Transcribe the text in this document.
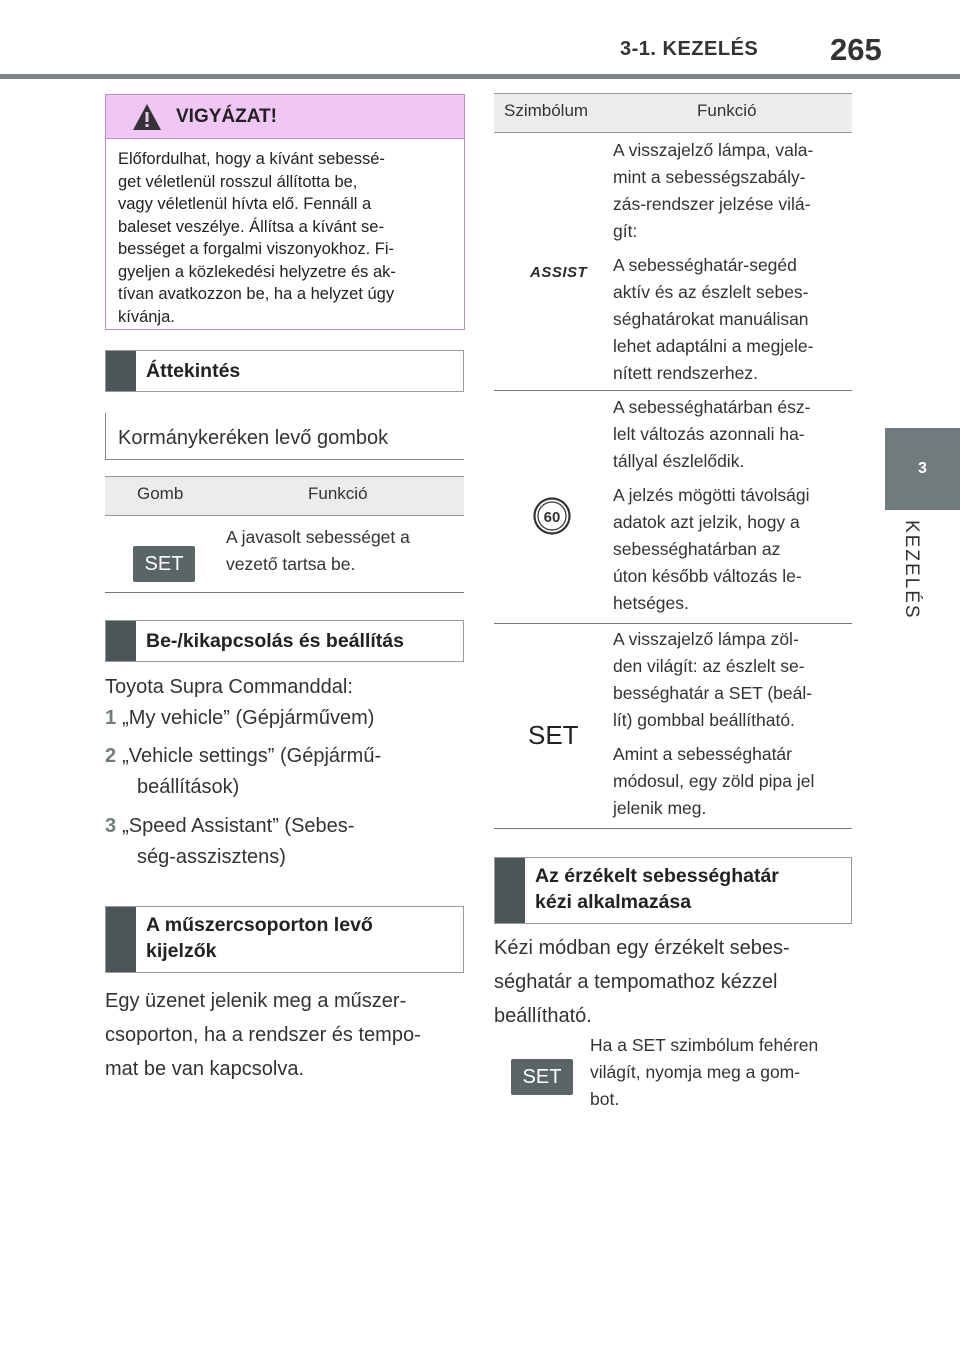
3-1. KEZELÉS 265
3
KEZELÉS
VIGYÁZAT!
Előfordulhat, hogy a kívánt sebessé-
get véletlenül rosszul állította be,
vagy véletlenül hívta elő. Fennáll a
baleset veszélye. Állítsa a kívánt se-
bességet a forgalmi viszonyokhoz. Fi-
gyeljen a közlekedési helyzetre és ak-
tívan avatkozzon be, ha a helyzet úgy
kívánja.
Áttekintés
Kormánykeréken levő gombok
Gomb	Funkció
SET
A javasolt sebességet a
vezető tartsa be.
Be-/kikapcsolás és beállítás
Toyota Supra Commanddal:
1 „My vehicle” (Gépjárművem)
2 „Vehicle settings” (Gépjármű-
beállítások)
3 „Speed Assistant” (Sebes-
ség-asszisztens)
A műszercsoporton levő
kijelzők
Egy üzenet jelenik meg a műszer-
csoporton, ha a rendszer és tempo-
mat be van kapcsolva.
Szimbólum	Funkció
ASSIST
A visszajelző lámpa, vala-
mint a sebességszabály-
zás-rendszer jelzése vilá-
gít:
A sebességhatár-segéd
aktív és az észlelt sebes-
séghatárokat manuálisan
lehet adaptálni a megjele-
nített rendszerhez.
60
A sebességhatárban ész-
lelt változás azonnali ha-
tállyal észlelődik.
A jelzés mögötti távolsági
adatok azt jelzik, hogy a
sebességhatárban az
úton később változás le-
hetséges.
SET
A visszajelző lámpa zöl-
den világít: az észlelt se-
bességhatár a SET (beál-
lít) gombbal beállítható.
Amint a sebességhatár
módosul, egy zöld pipa jel
jelenik meg.
Az érzékelt sebességhatár
kézi alkalmazása
Kézi módban egy érzékelt sebes-
séghatár a tempomathoz kézzel
beállítható.
SET
Ha a SET szimbólum fehéren
világít, nyomja meg a gom-
bot.
